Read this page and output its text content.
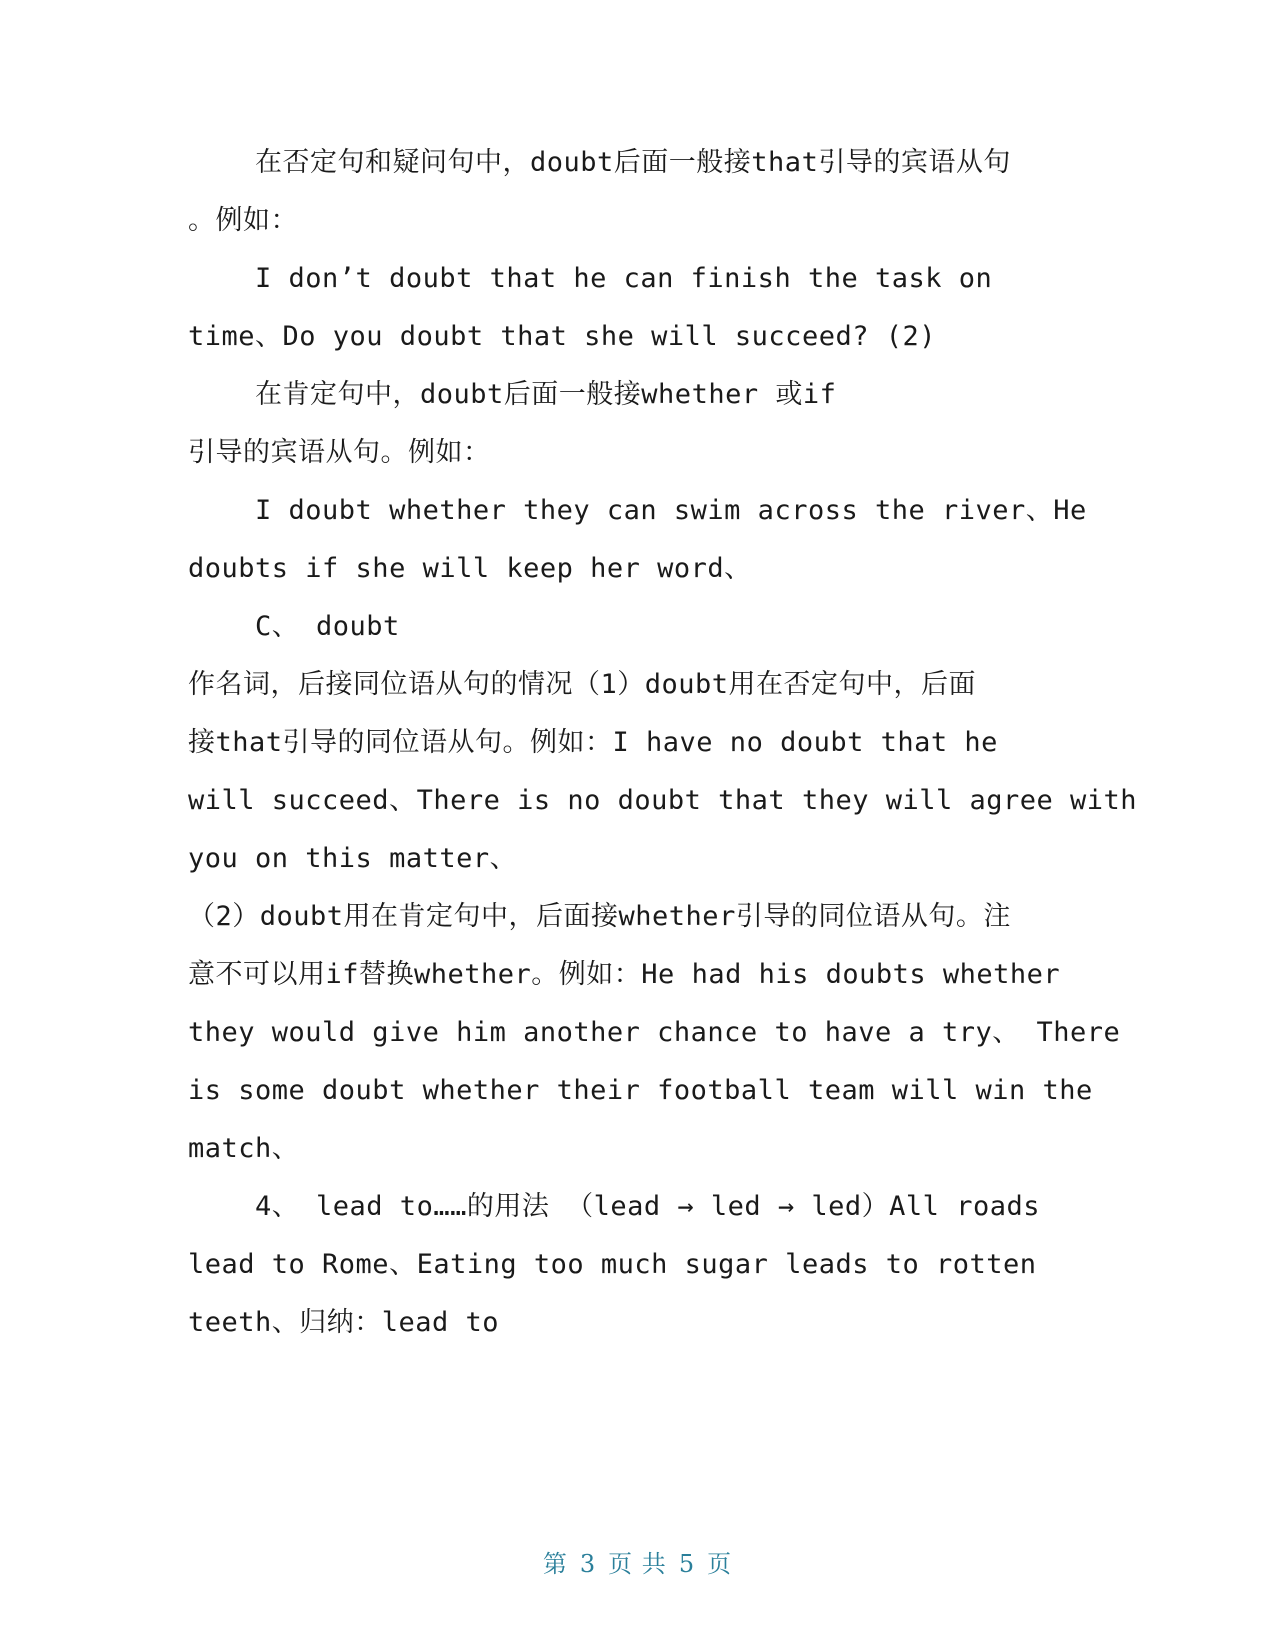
在否定句和疑问句中，doubt后面一般接that引导的宾语从句
。例如：
I don’t doubt that he can finish the task on
time、Do you doubt that she will succeed? (2)
在肯定句中，doubt后面一般接whether 或if
引导的宾语从句。例如：
I doubt whether they can swim across the river、He
doubts if she will keep her word、
C、 doubt
作名词，后接同位语从句的情况（1）doubt用在否定句中，后面
接that引导的同位语从句。例如：I have no doubt that he
will succeed、There is no doubt that they will agree with
you on this matter、
（2）doubt用在肯定句中，后面接whether引导的同位语从句。注
意不可以用if替换whether。例如：He had his doubts whether
they would give him another chance to have a try、 There
is some doubt whether their football team will win the
match、
4、 lead to……的用法 （lead → led → led）All roads
lead to Rome、Eating too much sugar leads to rotten
teeth、归纳：lead to
第 3 页 共 5 页
